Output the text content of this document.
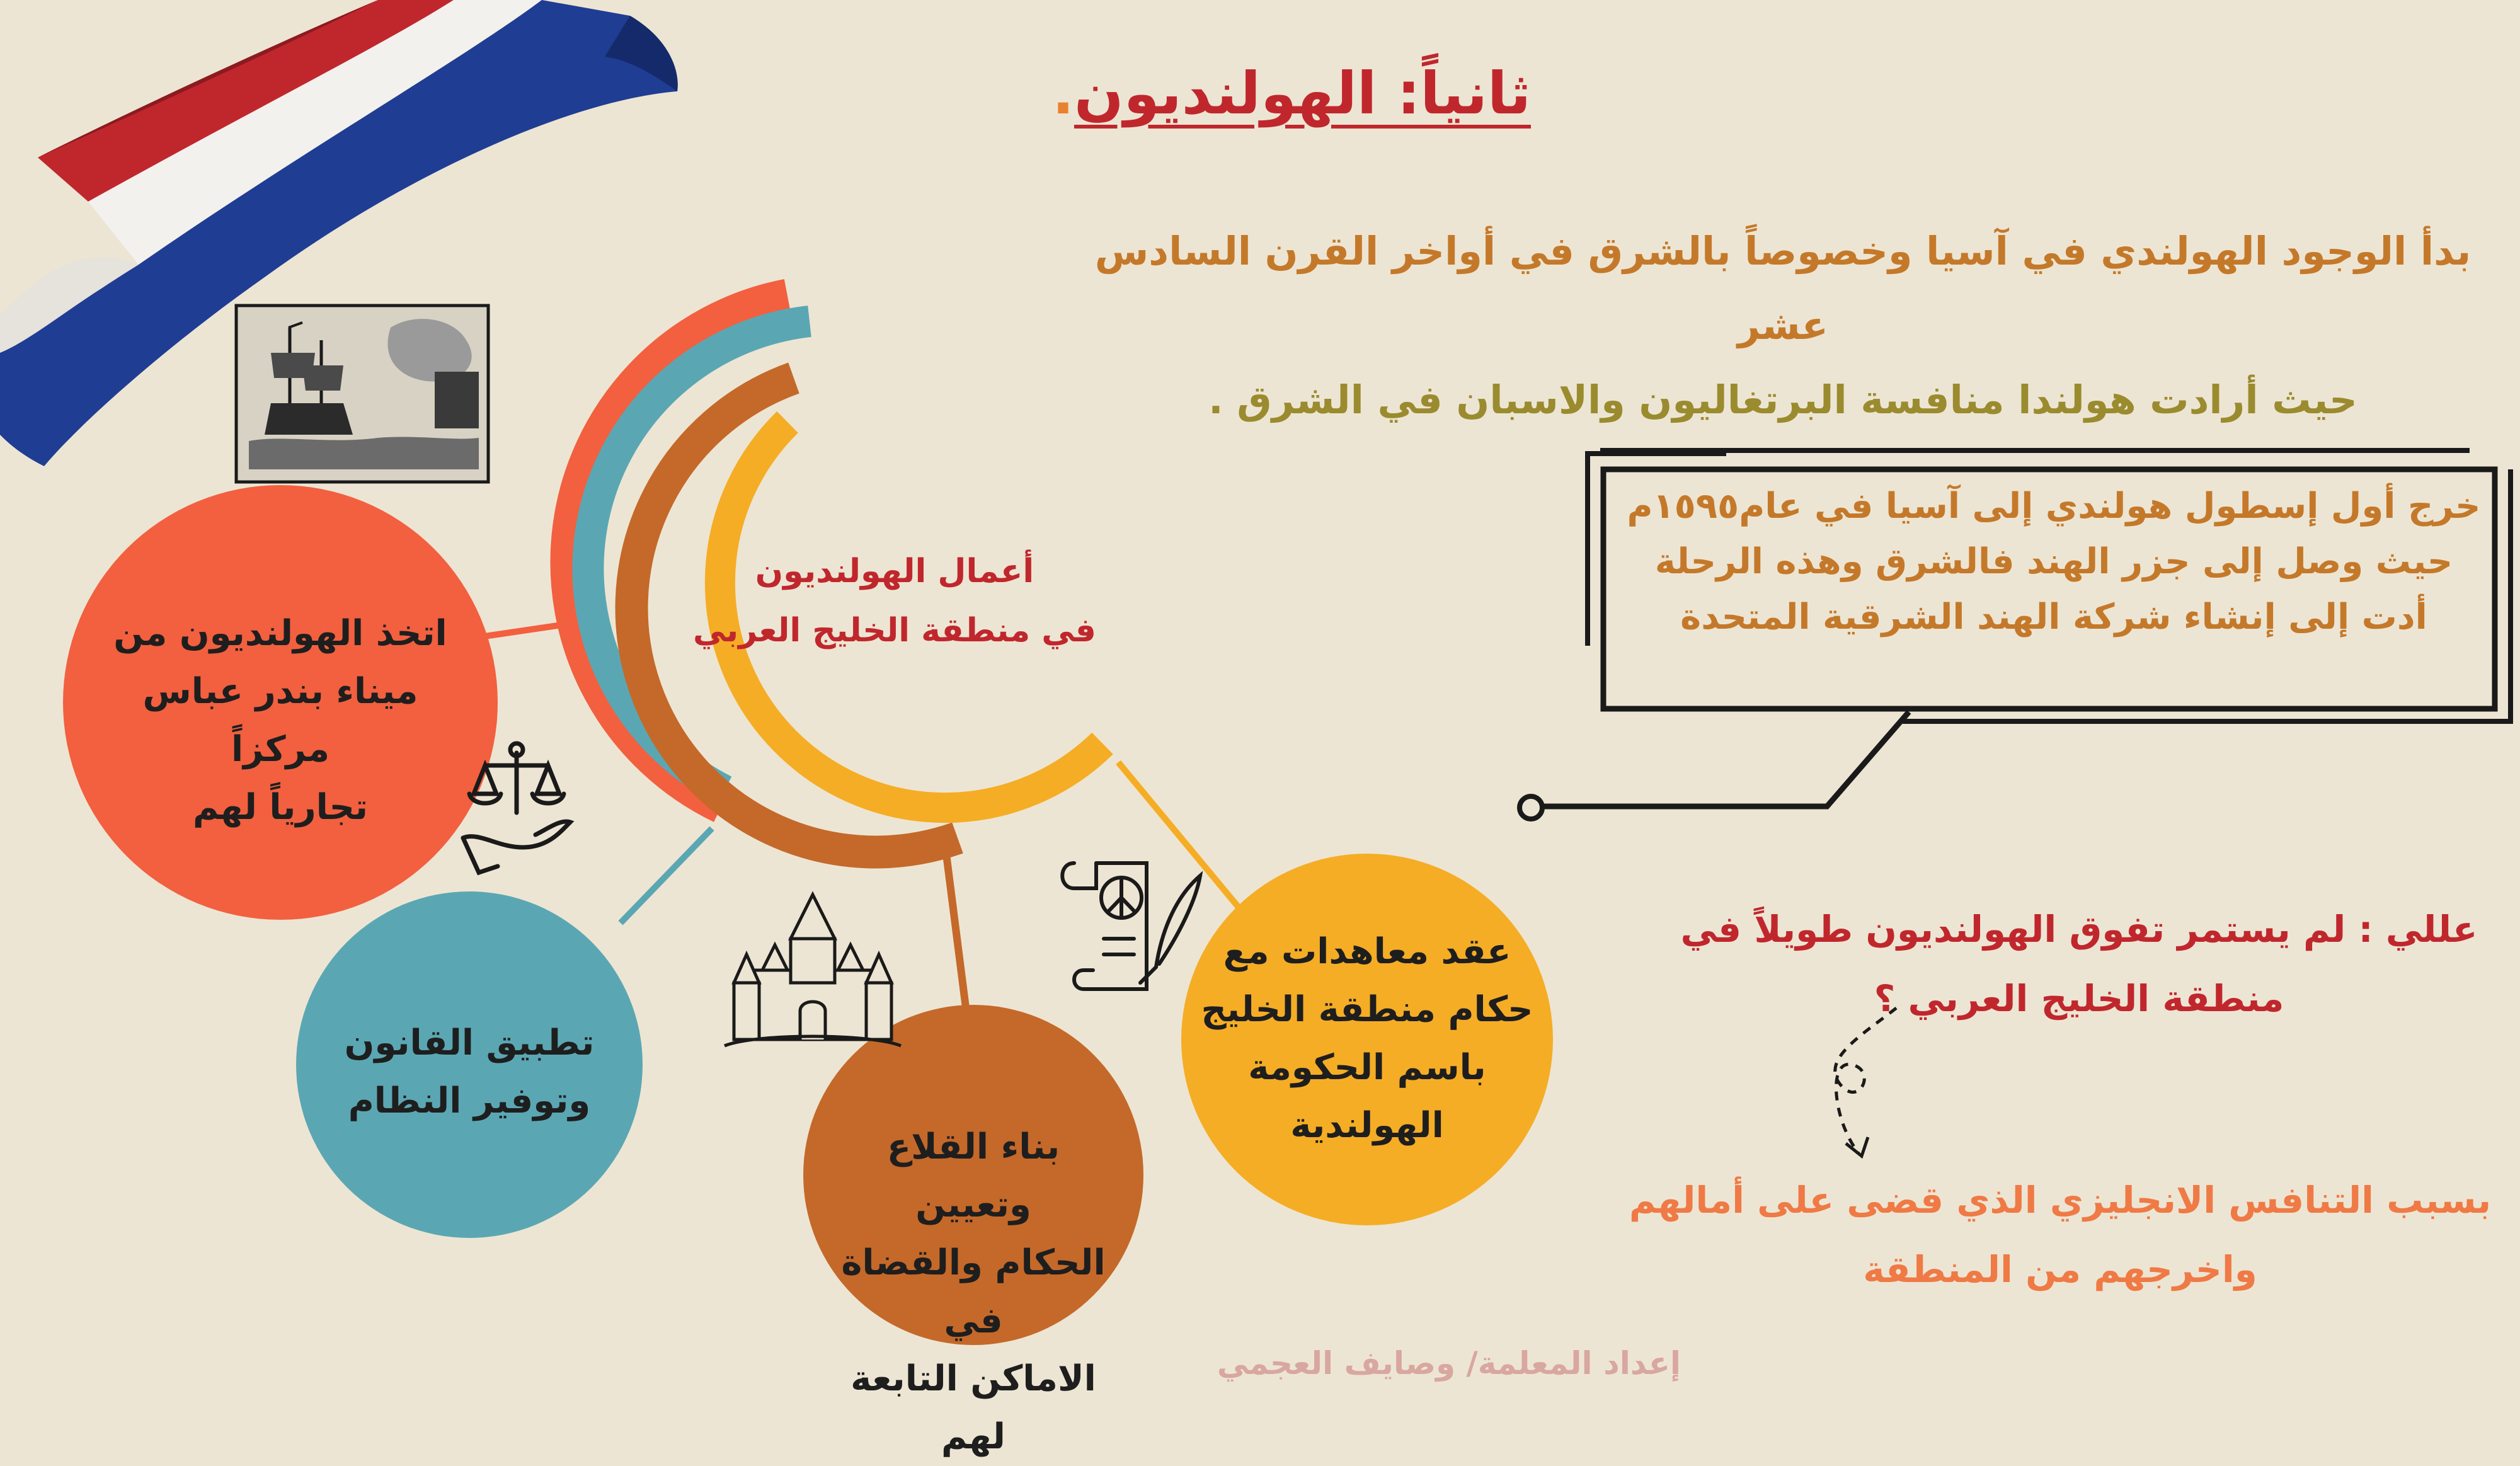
ثانياً: الهولنديون.
بدأ الوجود الهولندي في آسيا وخصوصاً بالشرق في أواخر القرن السادس عشر
حيث أرادت هولندا منافسة البرتغاليون والاسبان في الشرق .
خرج أول إسطول هولندي إلى آسيا في عام١٥٩٥م
حيث وصل إلى جزر الهند فالشرق وهذه الرحلة
أدت إلى إنشاء شركة الهند الشرقية المتحدة
أعمال الهولنديون
في منطقة الخليج العربي
اتخذ الهولنديون من
ميناء بندر عباس مركزاً
تجارياً لهم
تطبيق القانون
وتوفير النظام
بناء القلاع وتعيين
الحكام والقضاة في
الاماكن التابعة لهم
عقد معاهدات مع
حكام منطقة الخليج
باسم الحكومة
الهولندية
عللي : لم يستمر تفوق الهولنديون طويلاً في
منطقة الخليج العربي ؟
بسبب التنافس الانجليزي الذي قضى على أمالهم
واخرجهم من المنطقة
إعداد المعلمة/ وصايف العجمي
